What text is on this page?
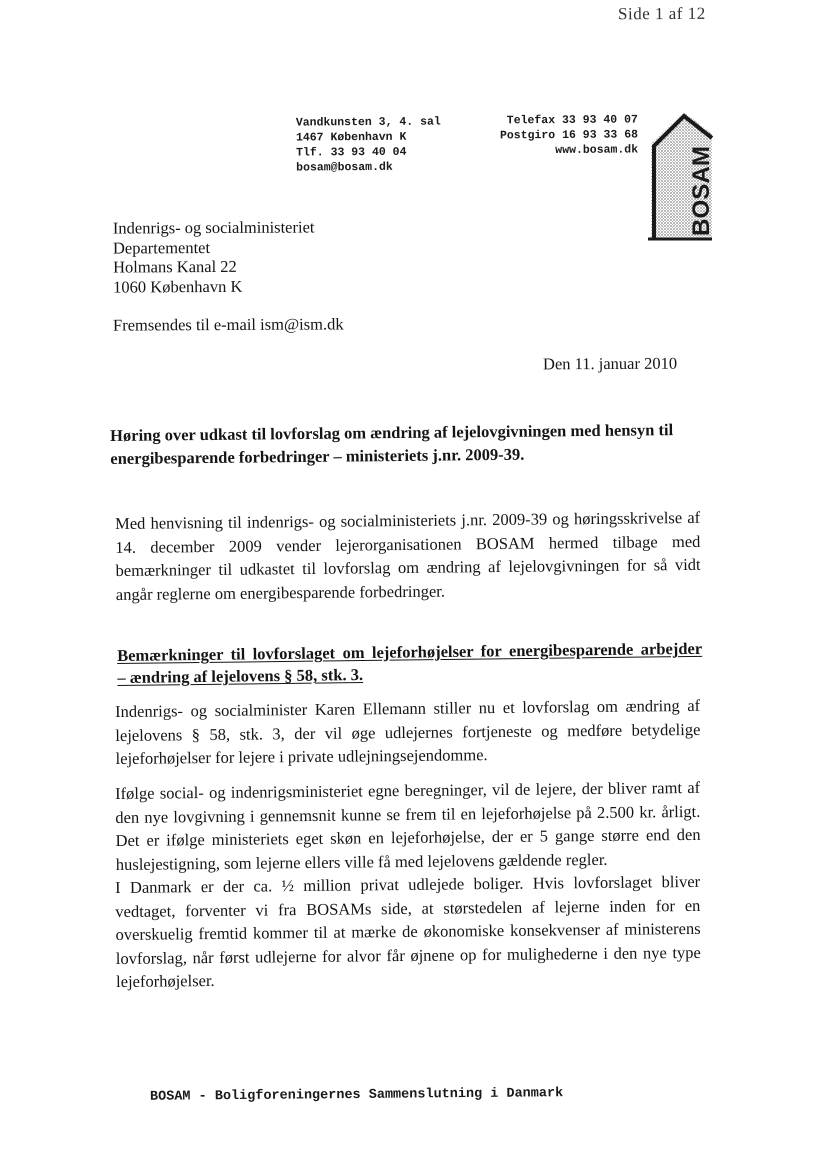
Side 1 af 12
Vandkunsten 3, 4. sal
1467 København K
Tlf. 33 93 40 04
bosam@bosam.dk
Telefax 33 93 40 07
Postgiro 16 93 33 68
www.bosam.dk BOSAM
Indenrigs- og socialministeriet
Departementet
Holmans Kanal 22
1060 København K
Fremsendes til e-mail ism@ism.dk
Den 11. januar 2010
Høring over udkast til lovforslag om ændring af lejelovgivningen med hensyn til
energibesparende forbedringer – ministeriets j.nr. 2009-39.
Med henvisning til indenrigs- og socialministeriets j.nr. 2009-39 og høringsskrivelse af 14. december 2009 vender lejerorganisationen BOSAM hermed tilbage med bemærkninger til udkastet til lovforslag om ændring af lejelovgivningen for så vidt angår reglerne om energibesparende forbedringer.
Bemærkninger til lovforslaget om lejeforhøjelser for energibesparende arbejder
– ændring af lejelovens § 58, stk. 3.
Indenrigs- og socialminister Karen Ellemann stiller nu et lovforslag om ændring af lejelovens § 58, stk. 3, der vil øge udlejernes fortjeneste og medføre betydelige lejeforhøjelser for lejere i private udlejningsejendomme.
Ifølge social- og indenrigsministeriet egne beregninger, vil de lejere, der bliver ramt af den nye lovgivning i gennemsnit kunne se frem til en lejeforhøjelse på 2.500 kr. årligt. Det er ifølge ministeriets eget skøn en lejeforhøjelse, der er 5 gange større end den huslejestigning, som lejerne ellers ville få med lejelovens gældende regler.
I Danmark er der ca. ½ million privat udlejede boliger. Hvis lovforslaget bliver vedtaget, forventer vi fra BOSAMs side, at størstedelen af lejerne inden for en overskuelig fremtid kommer til at mærke de økonomiske konsekvenser af ministerens lovforslag, når først udlejerne for alvor får øjnene op for mulighederne i den nye type lejeforhøjelser.
BOSAM - Boligforeningernes Sammenslutning i Danmark
